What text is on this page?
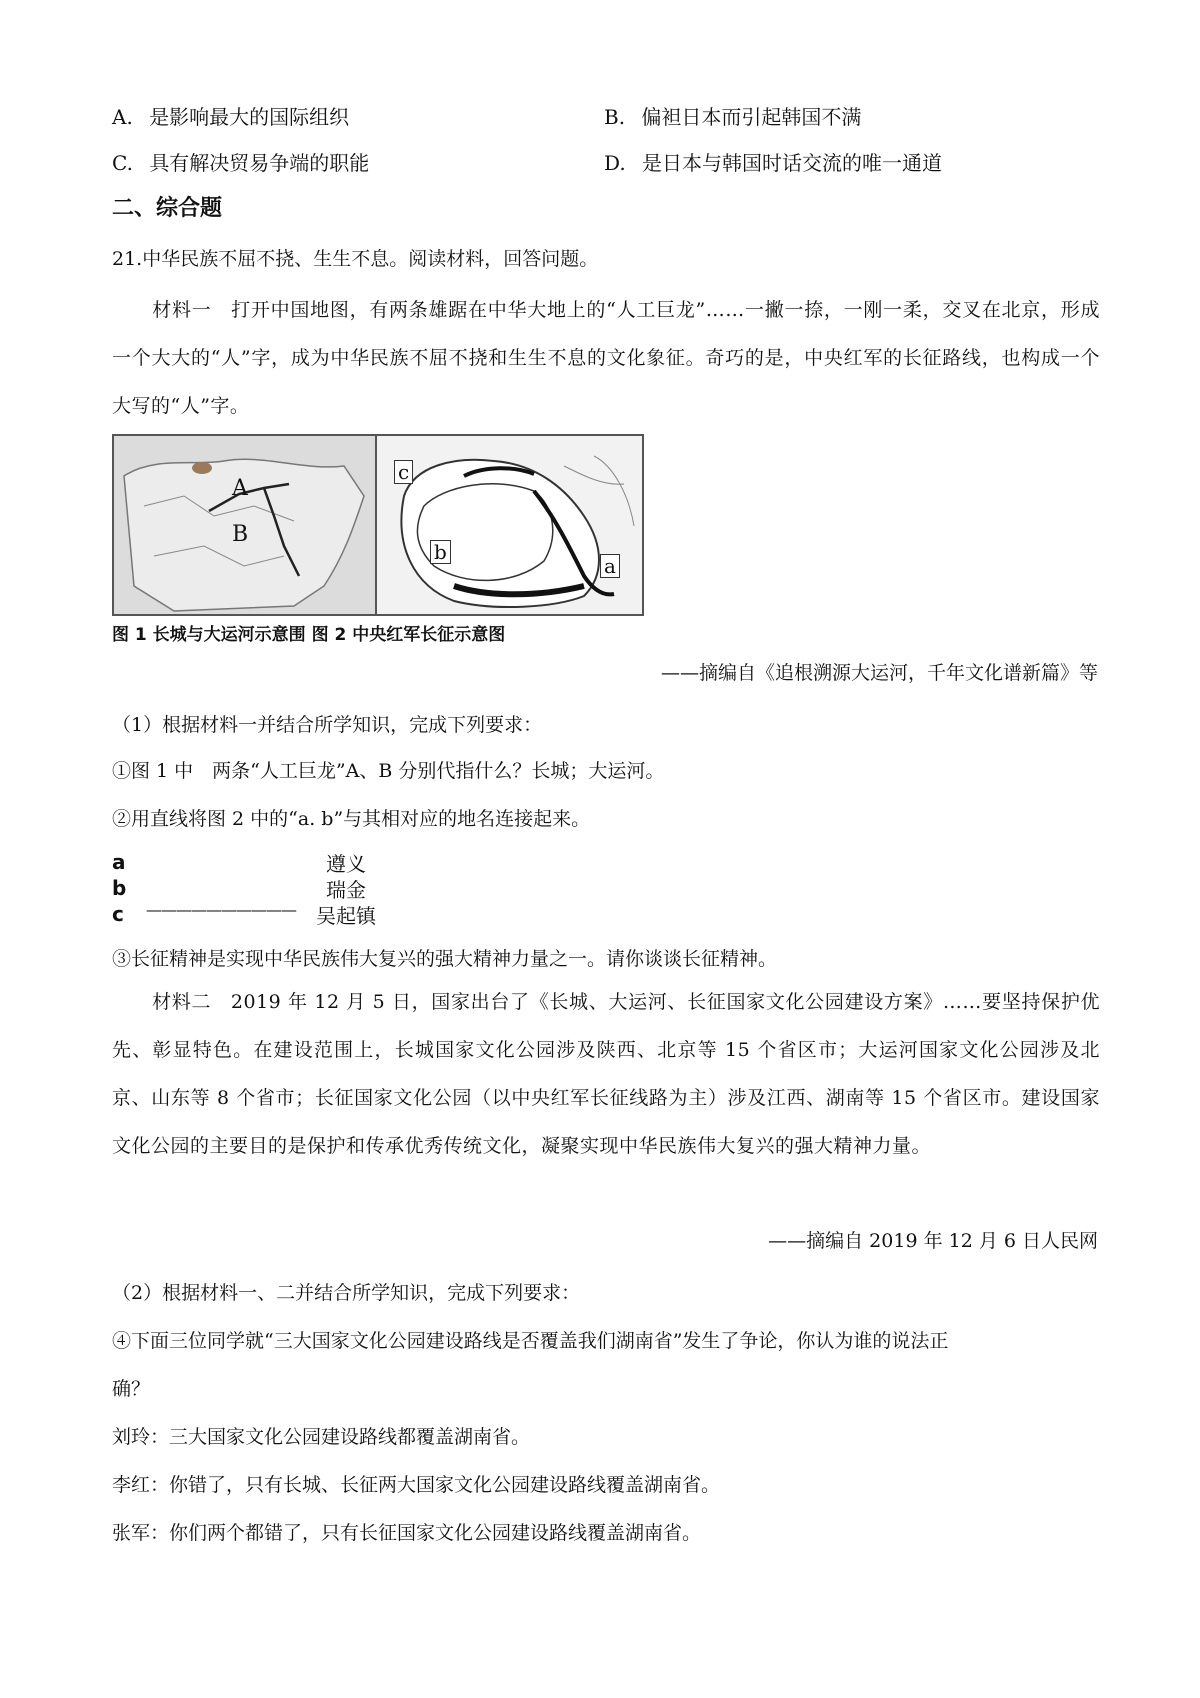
A. 是影响最大的国际组织	B. 偏袒日本而引起韩国不满
C. 具有解决贸易争端的职能	D. 是日本与韩国时话交流的唯一通道
二、综合题
21.中华民族不屈不挠、生生不息。阅读材料，回答问题。
材料一　打开中国地图，有两条雄踞在中华大地上的“人工巨龙”……一撇一捺，一刚一柔，交叉在北京，形成一个大大的“人”字，成为中华民族不屈不挠和生生不息的文化象征。奇巧的是，中央红军的长征路线，也构成一个大写的“人”字。
A
B
c
b
a
图 1 长城与大运河示意围 图 2 中央红军长征示意图
——摘编自《追根溯源大运河，千年文化谱新篇》等
（1）根据材料一并结合所学知识，完成下列要求：
①图 1 中　两条“人工巨龙”A、B 分别代指什么？长城；大运河。
②用直线将图 2 中的“a. b”与其相对应的地名连接起来。
a
b
c ——————————
遵义
瑞金
吴起镇
③长征精神是实现中华民族伟大复兴的强大精神力量之一。请你谈谈长征精神。
材料二　2019 年 12 月 5 日，国家出台了《长城、大运河、长征国家文化公园建设方案》……要坚持保护优先、彰显特色。在建设范围上，长城国家文化公园涉及陕西、北京等 15 个省区市；大运河国家文化公园涉及北京、山东等 8 个省市；长征国家文化公园（以中央红军长征线路为主）涉及江西、湖南等 15 个省区市。建设国家文化公园的主要目的是保护和传承优秀传统文化，凝聚实现中华民族伟大复兴的强大精神力量。
——摘编自 2019 年 12 月 6 日人民网
（2）根据材料一、二并结合所学知识，完成下列要求：
④下面三位同学就“三大国家文化公园建设路线是否覆盖我们湖南省”发生了争论，你认为谁的说法正
确？
刘玲：三大国家文化公园建设路线都覆盖湖南省。
李红：你错了，只有长城、长征两大国家文化公园建设路线覆盖湖南省。
张军：你们两个都错了，只有长征国家文化公园建设路线覆盖湖南省。
